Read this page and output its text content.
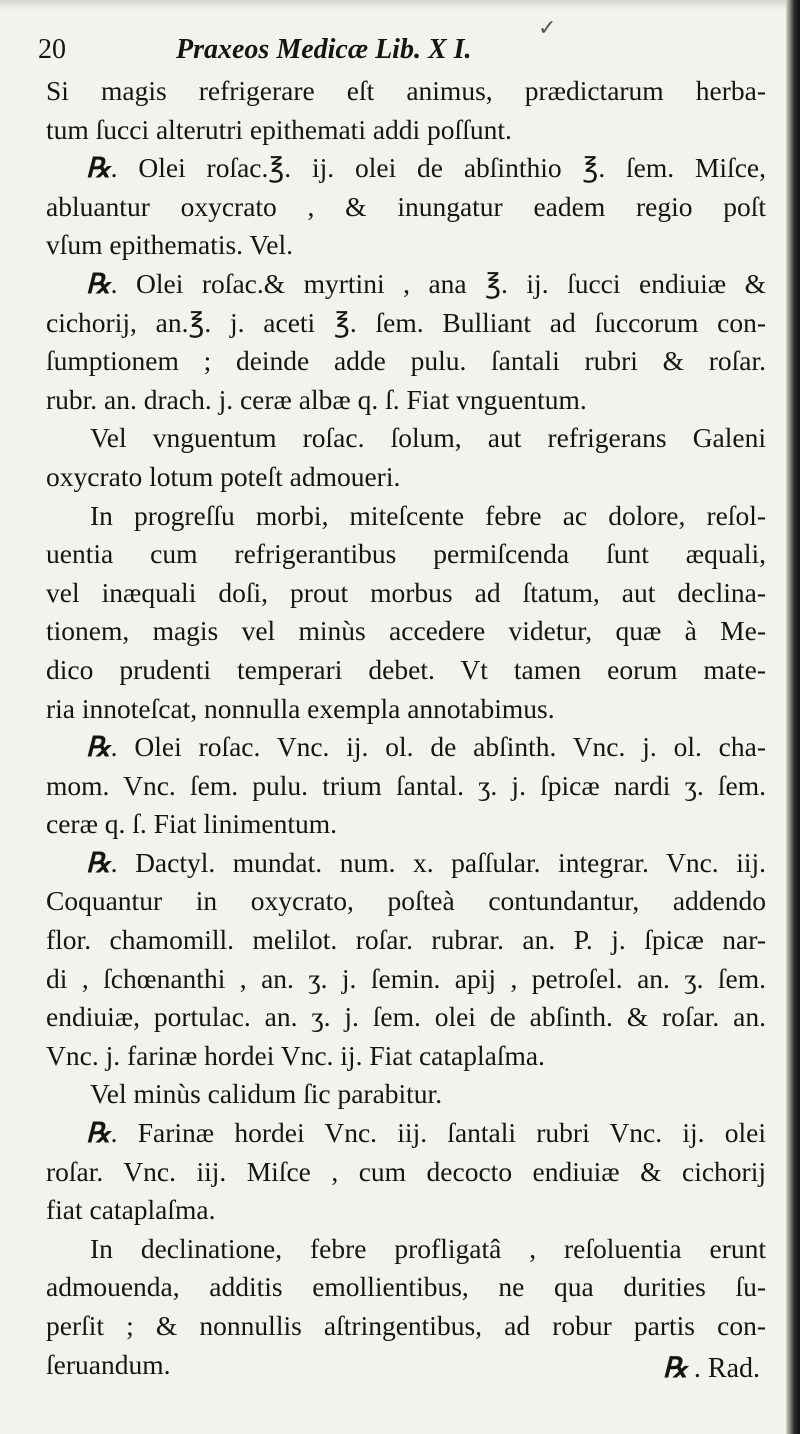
20	Praxeos Medicæ Lib. X I.
✓
Si magis refrigerare eſt animus, prædictarum herba-
tum ſucci alterutri epithemati addi poſſunt.
℞. Olei roſac.℥. ij. olei de abſinthio ℥. ſem. Miſce,
abluantur oxycrato , & inungatur eadem regio poſt
vſum epithematis. Vel.
℞. Olei roſac.& myrtini , ana ℥. ij. ſucci endiuiæ &
cichorij, an.℥. j. aceti ℥. ſem. Bulliant ad ſuccorum con-
ſumptionem ; deinde adde pulu. ſantali rubri & roſar.
rubr. an. drach. j. ceræ albæ q. ſ. Fiat vnguentum.
Vel vnguentum roſac. ſolum, aut refrigerans Galeni
oxycrato lotum poteſt admoueri.
In progreſſu morbi, miteſcente febre ac dolore, reſol-
uentia cum refrigerantibus permiſcenda ſunt æquali,
vel inæquali doſi, prout morbus ad ſtatum, aut declina-
tionem, magis vel minùs accedere videtur, quæ à Me-
dico prudenti temperari debet. Vt tamen eorum mate-
ria innoteſcat, nonnulla exempla annotabimus.
℞. Olei roſac. Vnc. ij. ol. de abſinth. Vnc. j. ol. cha-
mom. Vnc. ſem. pulu. trium ſantal. ʒ. j. ſpicæ nardi ʒ. ſem.
ceræ q. ſ. Fiat linimentum.
℞. Dactyl. mundat. num. x. paſſular. integrar. Vnc. iij.
Coquantur in oxycrato, poſteà contundantur, addendo
flor. chamomill. melilot. roſar. rubrar. an. P. j. ſpicæ nar-
di , ſchœnanthi , an. ʒ. j. ſemin. apij , petroſel. an. ʒ. ſem.
endiuiæ, portulac. an. ʒ. j. ſem. olei de abſinth. & roſar. an.
Vnc. j. farinæ hordei Vnc. ij. Fiat cataplaſma.
Vel minùs calidum ſic parabitur.
℞. Farinæ hordei Vnc. iij. ſantali rubri Vnc. ij. olei
roſar. Vnc. iij. Miſce , cum decocto endiuiæ & cichorij
fiat cataplaſma.
In declinatione, febre profligatâ , reſoluentia erunt
admouenda, additis emollientibus, ne qua durities ſu-
perſit ; & nonnullis aſtringentibus, ad robur partis con-
ſeruandum.	℞ . Rad.
